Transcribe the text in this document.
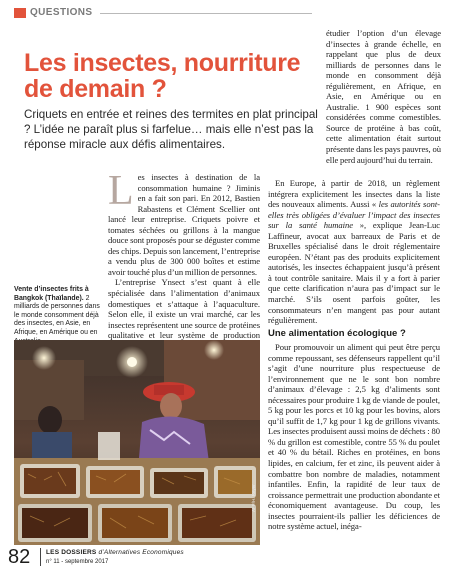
QUESTIONS
Les insectes, nourriture
de demain ?
Criquets en entrée et reines des termites en plat principal ? L’idée ne paraît plus si farfelue… mais elle n’est pas la réponse miracle aux défis alimentaires.

étudier l’option d’un élevage d’insectes à grande échelle, en rappelant que plus de deux milliards de personnes dans le monde en consomment déjà régulièrement, en Afrique, en Asie, en Amérique ou en Australie. 1 900 espèces sont considérées comme comestibles. Source de protéine à bas coût, cette alimentation était surtout présente dans les pays pauvres, où elle perd aujourd’hui du terrain.

Les insectes à destination de la consommation humaine ? Jiminis en a fait son pari. En 2012, Bastien Rabastens et Clément Scellier ont lancé leur entreprise. Criquets poivre et tomates séchées ou grillons à la mangue douce sont proposés pour se déguster comme des chips. Depuis son lancement, l’entreprise a vendu plus de 300 000 boîtes et estime avoir touché plus d’un million de personnes.

L’entreprise Ynsect s’est quant à elle spécialisée dans l’alimentation d’animaux domestiques et s’attaque à l’aquaculture. Selon elle, il existe un vrai marché, car les insectes représentent une source de protéines qualitative et leur système de production

En Europe, à partir de 2018, un règlement intégrera explicitement les insectes dans la liste des nouveaux aliments. Aussi « les autorités sont-elles très obligées d’évaluer l’impact des insectes sur la santé humaine », explique Jean-Luc Laffineur, avocat aux barreaux de Paris et de Bruxelles spécialisé dans le droit réglementaire européen. N’étant pas des produits explicitement autorisés, les insectes échappaient jusqu’à présent à tout contrôle sanitaire. Mais il y a fort à parier que cette clarification n’aura pas d’impact sur le marché. S’ils osent parfois goûter, les consommateurs n’en mangent pas pour autant régulièrement.

Une alimentation écologique ?

Pour promouvoir un aliment qui peut être perçu comme repoussant, ses défenseurs rappellent qu’il s’agit d’une nourriture plus respectueuse de l’environnement que ne le sont bon nombre d’animaux d’élevage : 2,5 kg d’aliments sont nécessaires pour produire 1 kg de viande de poulet, 5 kg pour les porcs et 10 kg pour les bovins, alors qu’il suffit de 1,7 kg pour 1 kg de grillons vivants. Les insectes produisent aussi moins de déchets : 80 % du grillon est comestible, contre 55 % du poulet et 40 % du bétail. Riches en protéines, en bons lipides, en calcium, fer et zinc, ils peuvent aider à combattre bon nombre de maladies, notamment infantiles. Enfin, la rapidité de leur taux de croissance permettrait une production abondante et économiquement avantageuse. Du coup, les insectes pourraient-ils pallier les déficiences de notre système actuel, inéga-

Vente d’insectes frits à Bangkok (Thaïlande). 2 milliards de personnes dans le monde consomment déjà des insectes, en Asie, en Afrique, en Amérique ou en
AFP/H. Reyer
82 LES DOSSIERS d’Alternatives Economiques
n° 11 - septembre 2017
